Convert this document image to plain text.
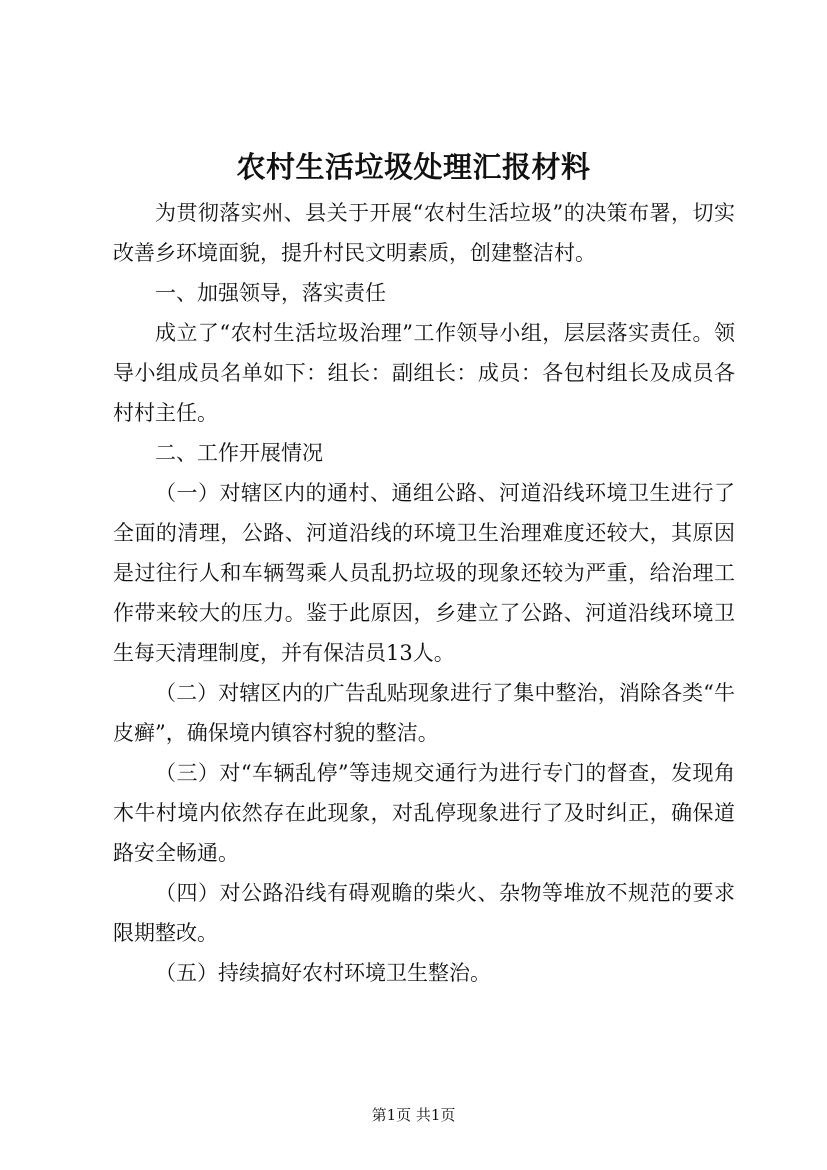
农村生活垃圾处理汇报材料

为贯彻落实州、县关于开展“农村生活垃圾”的决策布署，切实改善乡环境面貌，提升村民文明素质，创建整洁村。

一、加强领导，落实责任

成立了“农村生活垃圾治理”工作领导小组，层层落实责任。领导小组成员名单如下：组长：副组长：成员：各包村组长及成员各村村主任。

二、工作开展情况

（一）对辖区内的通村、通组公路、河道沿线环境卫生进行了全面的清理，公路、河道沿线的环境卫生治理难度还较大，其原因是过往行人和车辆驾乘人员乱扔垃圾的现象还较为严重，给治理工作带来较大的压力。鉴于此原因，乡建立了公路、河道沿线环境卫生每天清理制度，并有保洁员13人。

（二）对辖区内的广告乱贴现象进行了集中整治，消除各类“牛皮癣”，确保境内镇容村貌的整洁。

（三）对“车辆乱停”等违规交通行为进行专门的督查，发现角木牛村境内依然存在此现象，对乱停现象进行了及时纠正，确保道路安全畅通。

（四）对公路沿线有碍观瞻的柴火、杂物等堆放不规范的要求限期整改。

（五）持续搞好农村环境卫生整治。

第1页 共1页
